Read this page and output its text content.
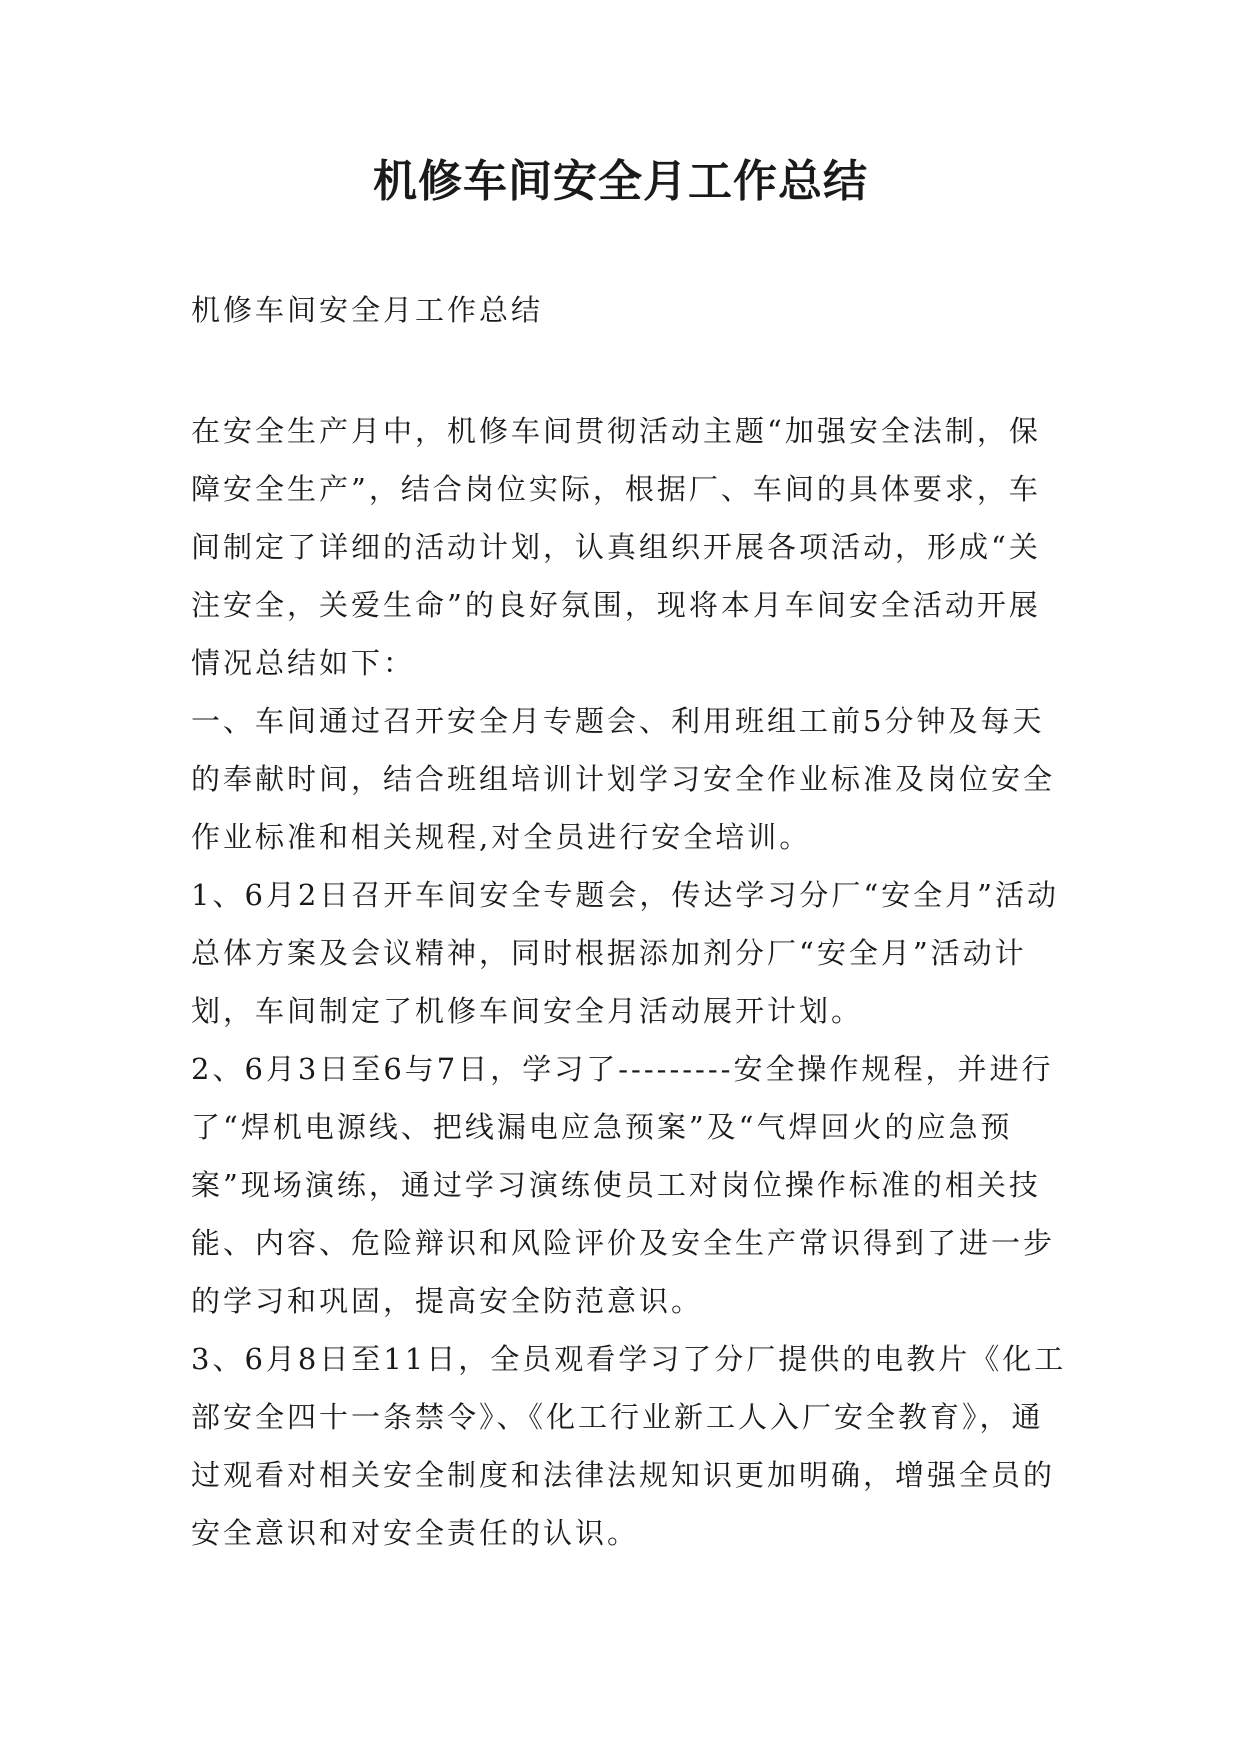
机修车间安全月工作总结
机修车间安全月工作总结

在安全生产月中，机修车间贯彻活动主题“加强安全法制，保障安全生产”，结合岗位实际，根据厂、车间的具体要求，车间制定了详细的活动计划，认真组织开展各项活动，形成“关注安全，关爱生命”的良好氛围，现将本月车间安全活动开展情况总结如下：

一、车间通过召开安全月专题会、利用班组工前5分钟及每天的奉献时间，结合班组培训计划学习安全作业标准及岗位安全作业标准和相关规程,对全员进行安全培训。

1、6月2日召开车间安全专题会，传达学习分厂“安全月”活动总体方案及会议精神，同时根据添加剂分厂“安全月”活动计划，车间制定了机修车间安全月活动展开计划。

2、6月3日至6与7日，学习了---------安全操作规程，并进行了“焊机电源线、把线漏电应急预案”及“气焊回火的应急预案”现场演练，通过学习演练使员工对岗位操作标准的相关技能、内容、危险辩识和风险评价及安全生产常识得到了进一步的学习和巩固，提高安全防范意识。

3、6月8日至11日，全员观看学习了分厂提供的电教片《化工部安全四十一条禁令》、《化工行业新工人入厂安全教育》，通过观看对相关安全制度和法律法规知识更加明确，增强全员的安全意识和对安全责任的认识。
